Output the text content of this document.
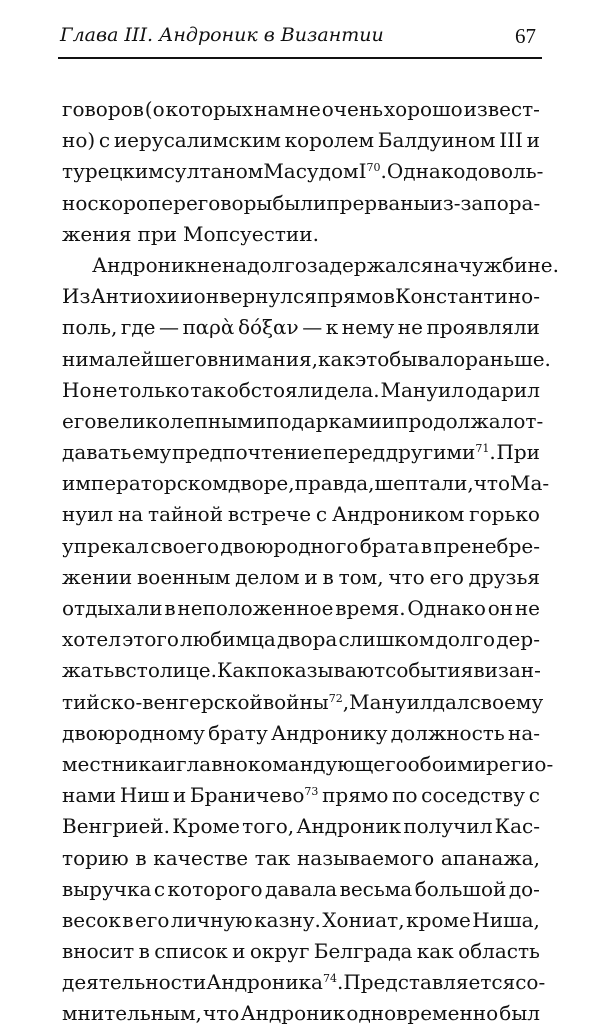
Глава III. Андроник в Византии	67
говоров (о которых нам не очень хорошо извест-
но) с иерусалимским королем Балдуином III и
турецким султаном Масудом $I^{70}$. Однако доволь-
но скоро переговоры были прерваны из-за пора-
жения при Мопсуестии.
Андроник ненадолго задержался на чужбине.
Из Антиохии он вернулся прямо в Константино-
поль, где — παρὰ δόξαν — к нему не проявляли
ни малейшего внимания, как это бывало раньше.
Но не только так обстояли дела. Мануил одарил
его великолепными подарками и продолжал от-
давать ему предпочтение перед другими$^{71}$. При
императорском дворе, правда, шептали, что Ма-
нуил на тайной встрече с Андроником горько
упрекал своего двоюродного брата в пренебре-
жении военным делом и в том, что его друзья
отдыхали в неположенное время. Однако он не
хотел этого любимца двора слишком долго дер-
жать в столице. Как показывают события визан-
тийско-венгерской войны$^{72}$, Мануил дал своему
двоюродному брату Андронику должность на-
местника и главнокомандующего обоими регио-
нами Ниш и Браничево$^{73}$ прямо по соседству с
Венгрией. Кроме того, Андроник получил Кас-
торию в качестве так называемого апанажа,
выручка с которого давала весьма большой до-
весок в его личную казну. Хониат, кроме Ниша,
вносит в список и округ Белграда как область
деятельности Андроника$^{74}$. Представляется со-
мнительным, что Андроник одновременно был
